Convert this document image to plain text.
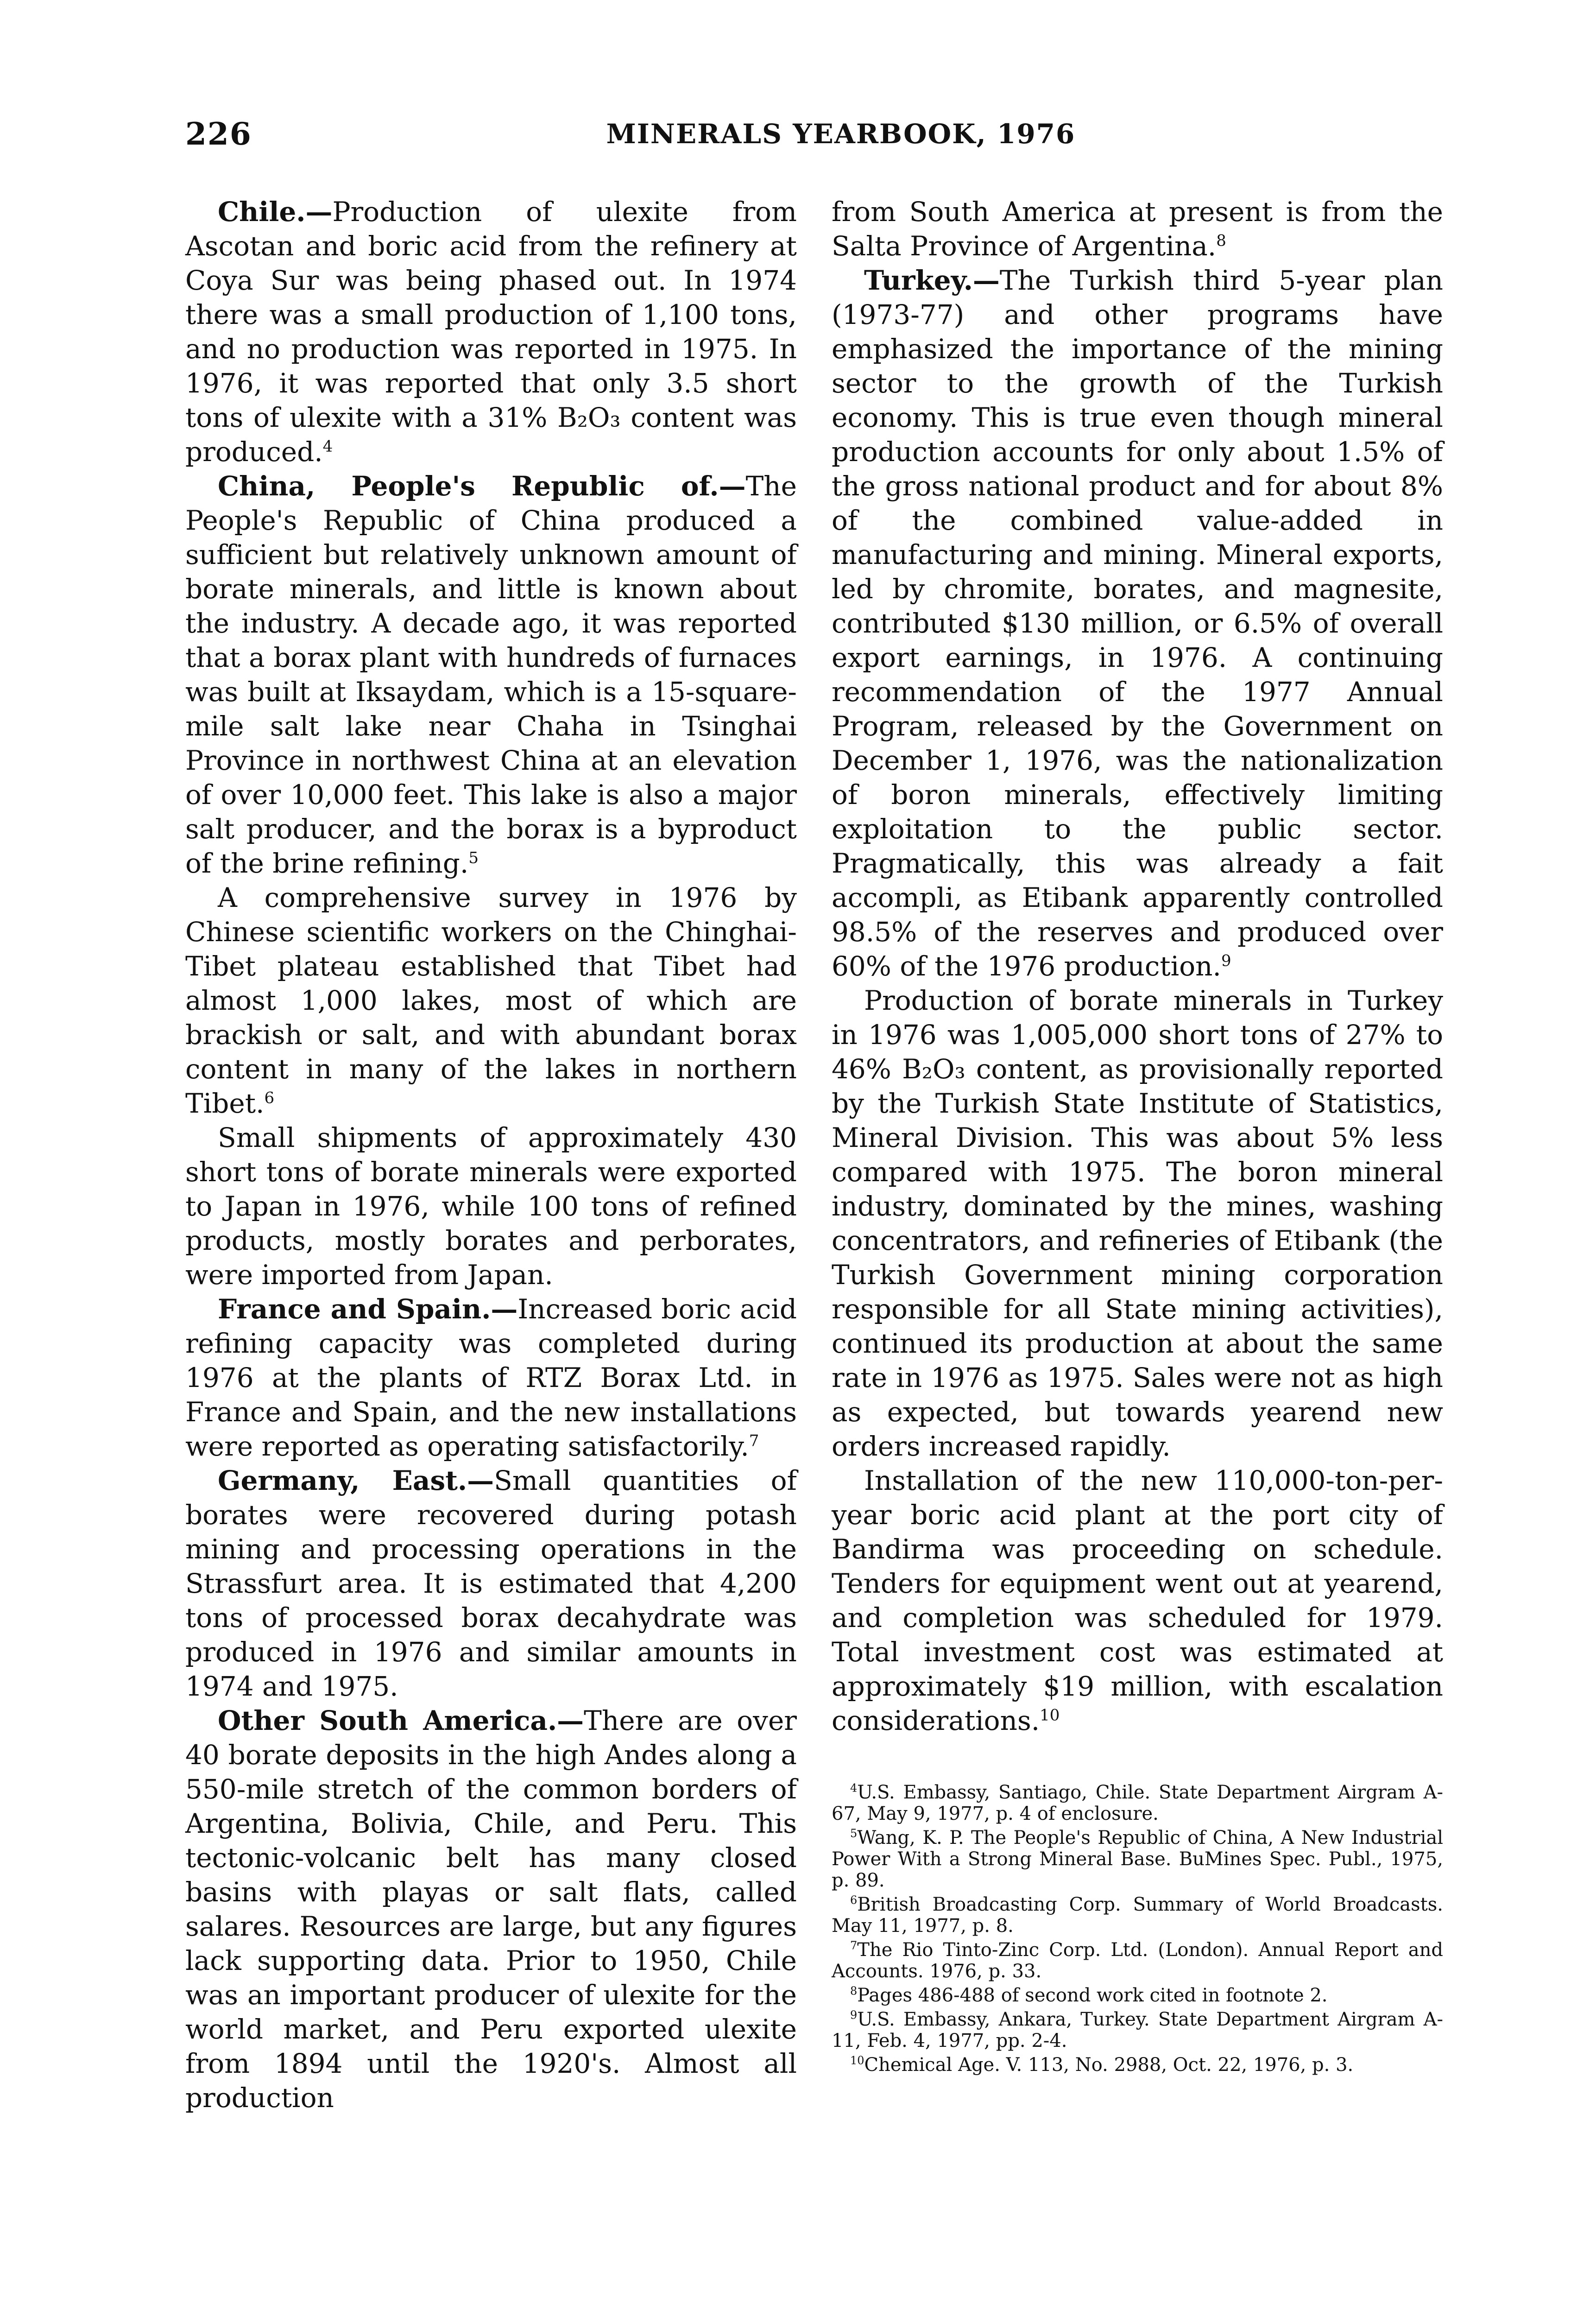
226	MINERALS YEARBOOK, 1976

Chile.—Production of ulexite from Ascotan and boric acid from the refinery at Coya Sur was being phased out. In 1974 there was a small production of 1,100 tons, and no production was reported in 1975. In 1976, it was reported that only 3.5 short tons of ulexite with a 31% B₂O₃ content was produced.$^4$

China, People's Republic of.—The People's Republic of China produced a sufficient but relatively unknown amount of borate minerals, and little is known about the industry. A decade ago, it was reported that a borax plant with hundreds of furnaces was built at Iksaydam, which is a 15-square-mile salt lake near Chaha in Tsinghai Province in northwest China at an elevation of over 10,000 feet. This lake is also a major salt producer, and the borax is a byproduct of the brine refining.$^5$

A comprehensive survey in 1976 by Chinese scientific workers on the Chinghai-Tibet plateau established that Tibet had almost 1,000 lakes, most of which are brackish or salt, and with abundant borax content in many of the lakes in northern Tibet.$^6$

Small shipments of approximately 430 short tons of borate minerals were exported to Japan in 1976, while 100 tons of refined products, mostly borates and perborates, were imported from Japan.

France and Spain.—Increased boric acid refining capacity was completed during 1976 at the plants of RTZ Borax Ltd. in France and Spain, and the new installations were reported as operating satisfactorily.$^7$

Germany, East.—Small quantities of borates were recovered during potash mining and processing operations in the Strassfurt area. It is estimated that 4,200 tons of processed borax decahydrate was produced in 1976 and similar amounts in 1974 and 1975.

Other South America.—There are over 40 borate deposits in the high Andes along a 550-mile stretch of the common borders of Argentina, Bolivia, Chile, and Peru. This tectonic-volcanic belt has many closed basins with playas or salt flats, called salares. Resources are large, but any figures lack supporting data. Prior to 1950, Chile was an important producer of ulexite for the world market, and Peru exported ulexite from 1894 until the 1920's. Almost all production

from South America at present is from the Salta Province of Argentina.$^8$

Turkey.—The Turkish third 5-year plan (1973-77) and other programs have emphasized the importance of the mining sector to the growth of the Turkish economy. This is true even though mineral production accounts for only about 1.5% of the gross national product and for about 8% of the combined value-added in manufacturing and mining. Mineral exports, led by chromite, borates, and magnesite, contributed $130 million, or 6.5% of overall export earnings, in 1976. A continuing recommendation of the 1977 Annual Program, released by the Government on December 1, 1976, was the nationalization of boron minerals, effectively limiting exploitation to the public sector. Pragmatically, this was already a fait accompli, as Etibank apparently controlled 98.5% of the reserves and produced over 60% of the 1976 production.$^9$

Production of borate minerals in Turkey in 1976 was 1,005,000 short tons of 27% to 46% B₂O₃ content, as provisionally reported by the Turkish State Institute of Statistics, Mineral Division. This was about 5% less compared with 1975. The boron mineral industry, dominated by the mines, washing concentrators, and refineries of Etibank (the Turkish Government mining corporation responsible for all State mining activities), continued its production at about the same rate in 1976 as 1975. Sales were not as high as expected, but towards yearend new orders increased rapidly.

Installation of the new 110,000-ton-per-year boric acid plant at the port city of Bandirma was proceeding on schedule. Tenders for equipment went out at yearend, and completion was scheduled for 1979. Total investment cost was estimated at approximately $19 million, with escalation considerations.$^{10}$

$^4$U.S. Embassy, Santiago, Chile. State Department Airgram A-67, May 9, 1977, p. 4 of enclosure.

$^5$Wang, K. P. The People's Republic of China, A New Industrial Power With a Strong Mineral Base. BuMines Spec. Publ., 1975, p. 89.

$^6$British Broadcasting Corp. Summary of World Broadcasts. May 11, 1977, p. 8.

$^7$The Rio Tinto-Zinc Corp. Ltd. (London). Annual Report and Accounts. 1976, p. 33.

$^8$Pages 486-488 of second work cited in footnote 2.

$^9$U.S. Embassy, Ankara, Turkey. State Department Airgram A-11, Feb. 4, 1977, pp. 2-4.

$^{10}$Chemical Age. V. 113, No. 2988, Oct. 22, 1976, p. 3.
